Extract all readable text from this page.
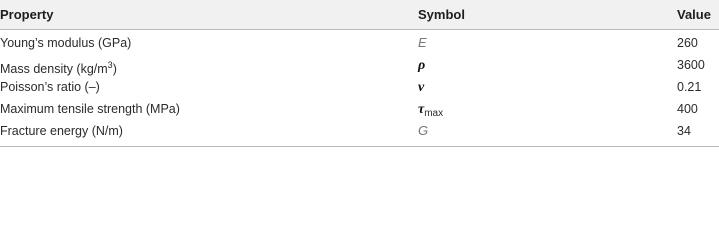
Property	Symbol	Value
Young’s modulus (GPa)	E	260
Mass density $(kg/m^3)$	ρ	3600
Poisson’s ratio (–)	ν	0.21
Maximum tensile strength (MPa)	$\tau_{max}$	400
Fracture energy (N/m)	G	34
